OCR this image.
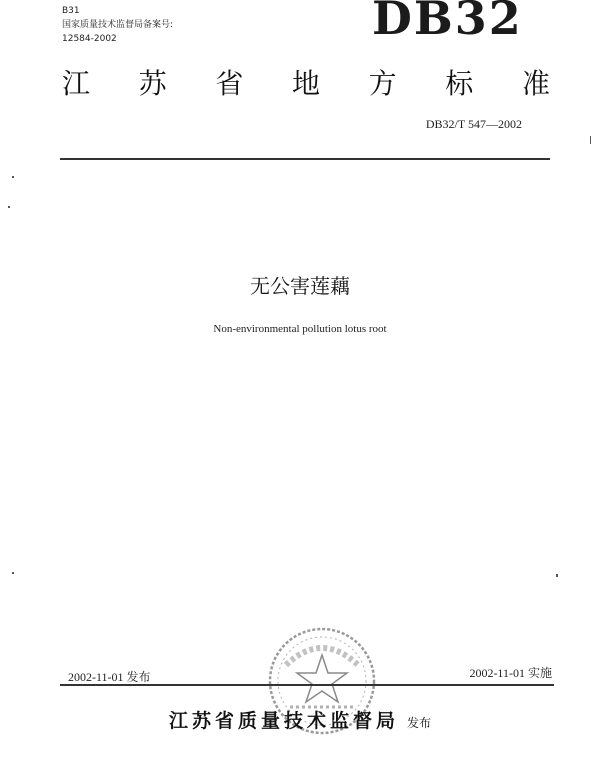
B31
国家质量技术监督局备案号:
12584-2002	DB32
江 苏 省 地 方 标 准
DB32/T 547—2002
无公害莲藕
Non-environmental pollution lotus root
2002-11-01 发布	2002-11-01 实施
江苏省质量技术监督局 发布
